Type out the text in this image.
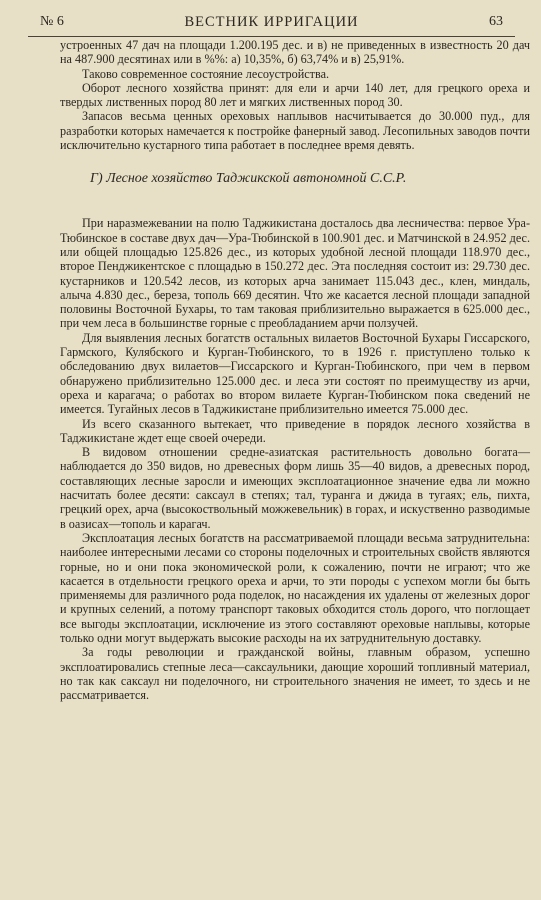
№ 6	ВЕСТНИК ИРРИГАЦИИ	63

устроенных 47 дач на площади 1.200.195 дес. и в) не приведенных в известность 20 дач на 487.900 десятинах или в %%: а) 10,35%, б) 63,74% и в) 25,91%.

Таково современное состояние лесоустройства.

Оборот лесного хозяйства принят: для ели и арчи 140 лет, для грецкого ореха и твердых лиственных пород 80 лет и мягких лиственных пород 30.

Запасов весьма ценных ореховых наплывов насчитывается до 30.000 пуд., для разработки которых намечается к постройке фанерный завод. Лесопильных заводов почти исключительно кустарного типа работает в последнее время девять.

Г) Лесное хозяйство Таджикской автономной С.С.Р.

При наразмежевании на полю Таджикистана досталось два лесничества: первое Ура-Тюбинское в составе двух дач—Ура-Тюбинской в 100.901 дес. и Матчинской в 24.952 дес. или общей площадью 125.826 дес., из которых удобной лесной площади 118.970 дес., второе Пенджикентское с площадью в 150.272 дес. Эта последняя состоит из: 29.730 дес. кустарников и 120.542 лесов, из которых арча занимает 115.043 дес., клен, миндаль, алыча 4.830 дес., береза, тополь 669 десятин. Что же касается лесной площади западной половины Восточной Бухары, то там таковая приблизительно выражается в 625.000 дес., при чем леса в большинстве горные с преобладанием арчи ползучей.

Для выявления лесных богатств остальных вилаетов Восточной Бухары Гиссарского, Гармского, Кулябского и Курган-Тюбинского, то в 1926 г. приступлено только к обследованию двух вилаетов—Гиссарского и Курган-Тюбинского, при чем в первом обнаружено приблизительно 125.000 дес. и леса эти состоят по преимуществу из арчи, ореха и карагача; о работах во втором вилаете Курган-Тюбинском пока сведений не имеется. Тугайных лесов в Таджикистане приблизительно имеется 75.000 дес.

Из всего сказанного вытекает, что приведение в порядок лесного хозяйства в Таджикистане ждет еще своей очереди.

В видовом отношении средне-азиатская растительность довольно богата—наблюдается до 350 видов, но древесных форм лишь 35—40 видов, а древесных пород, составляющих лесные заросли и имеющих эксплоатационное значение едва ли можно насчитать более десяти: саксаул в степях; тал, туранга и джида в тугаях; ель, пихта, грецкий орех, арча (высокоствольный можжевельник) в горах, и искуственно разводимые в оазисах—тополь и карагач.

Эксплоатация лесных богатств на рассматриваемой площади весьма затруднительна: наиболее интересными лесами со стороны поделочных и строительных свойств являются горные, но и они пока экономической роли, к сожалению, почти не играют; что же касается в отдельности грецкого ореха и арчи, то эти породы с успехом могли бы быть применяемы для различного рода поделок, но насаждения их удалены от железных дорог и крупных селений, а потому транспорт таковых обходится столь дорого, что поглощает все выгоды эксплоатации, исключение из этого составляют ореховые наплывы, которые только одни могут выдержать высокие расходы на их затруднительную доставку.

За годы революции и гражданской войны, главным образом, успешно эксплоатировались степные леса—саксаульники, дающие хороший топливный материал, но так как саксаул ни поделочного, ни строительного значения не имеет, то здесь и не рассматривается.
